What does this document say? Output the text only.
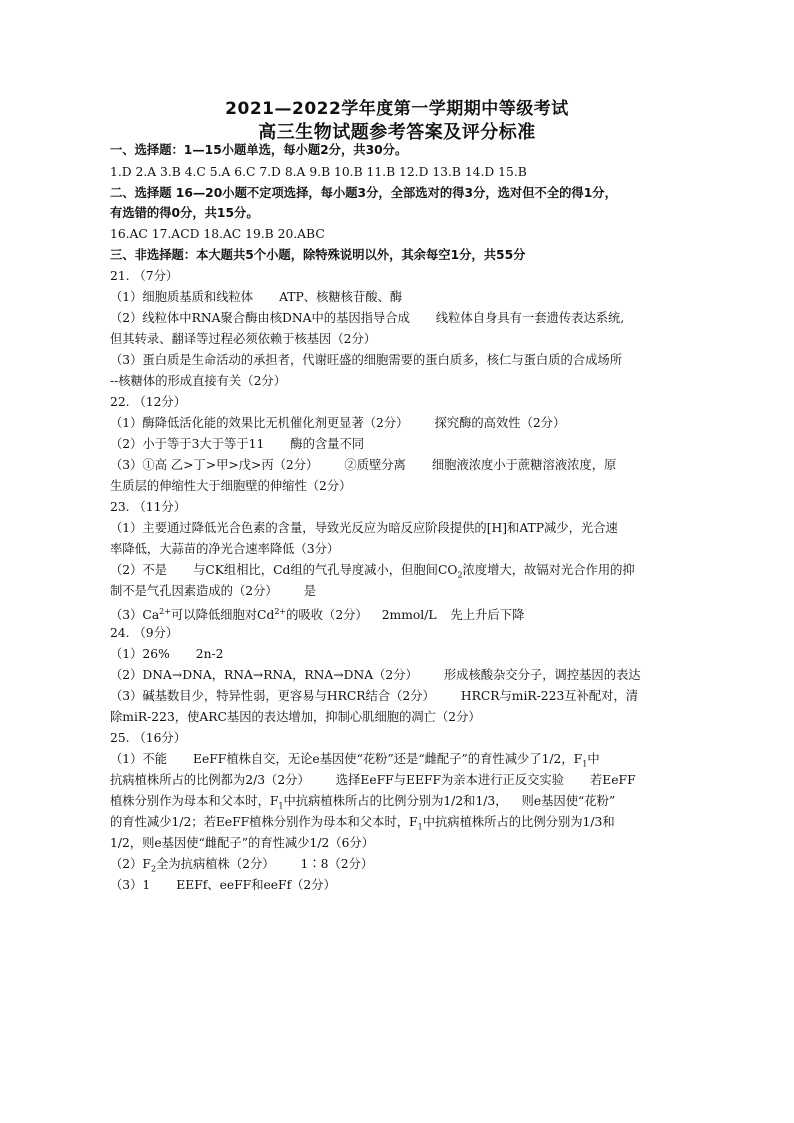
2021—2022学年度第一学期期中等级考试
高三生物试题参考答案及评分标准
一、选择题：1—15小题单选，每小题2分，共30分。
1.D 2.A 3.B 4.C 5.A 6.C 7.D 8.A 9.B 10.B 11.B 12.D 13.B 14.D 15.B
二、选择题 16—20小题不定项选择，每小题3分，全部选对的得3分，选对但不全的得1分，
有选错的得0分，共15分。
16.AC 17.ACD 18.AC 19.B 20.ABC
三、非选择题：本大题共5个小题，除特殊说明以外，其余每空1分，共55分
21. （7分）
（1）细胞质基质和线粒体 ATP、核糖核苷酸、酶
（2）线粒体中RNA聚合酶由核DNA中的基因指导合成 线粒体自身具有一套遗传表达系统,
但其转录、翻译等过程必须依赖于核基因（2分）
（3）蛋白质是生命活动的承担者，代谢旺盛的细胞需要的蛋白质多，核仁与蛋白质的合成场所
--核糖体的形成直接有关（2分）
22. （12分）
（1）酶降低活化能的效果比无机催化剂更显著（2分） 探究酶的高效性（2分）
（2）小于等于3大于等于11 酶的含量不同
（3）①高 乙>丁>甲>戊>丙（2分） ②质壁分离 细胞液浓度小于蔗糖溶液浓度，原
生质层的伸缩性大于细胞壁的伸缩性（2分）
23. （11分）
（1）主要通过降低光合色素的含量，导致光反应为暗反应阶段提供的[H]和ATP减少，光合速
率降低，大蒜苗的净光合速率降低（3分）
（2）不是 与CK组相比，Cd组的气孔导度减小，但胞间$CO_2$浓度增大，故镉对光合作用的抑
制不是气孔因素造成的（2分） 是
$(3)Ca^{2+}$可以降低细胞对$Cd^{2+}$的吸收（2分） 2mmol/L 先上升后下降
24. （9分）
（1）26% 2n-2
（2）DNA→DNA，RNA→RNA，RNA→DNA（2分） 形成核酸杂交分子，调控基因的表达
（3）碱基数目少，特异性弱，更容易与HRCR结合（2分） HRCR与miR-223互补配对，清
除miR-223，使ARC基因的表达增加，抑制心肌细胞的凋亡（2分）
25. （16分）
（1）不能 EeFF植株自交，无论e基因使“花粉”还是“雌配子”的育性减少了1/2，$F_1$中
抗病植株所占的比例都为2/3（2分） 选择EeFF与EEFF为亲本进行正反交实验 若EeFF
植株分别作为母本和父本时，$F_1$中抗病植株所占的比例分别为1/2和1/3， 则e基因使“花粉”
的育性减少1/2；若EeFF植株分别作为母本和父本时，$F_1$中抗病植株所占的比例分别为1/3和
1/2，则e基因使“雌配子”的育性减少1/2（6分）
$(2)F_2$全为抗病植株（2分） 1∶8（2分）
（3）1 EEFf、eeFF和eeFf（2分）
